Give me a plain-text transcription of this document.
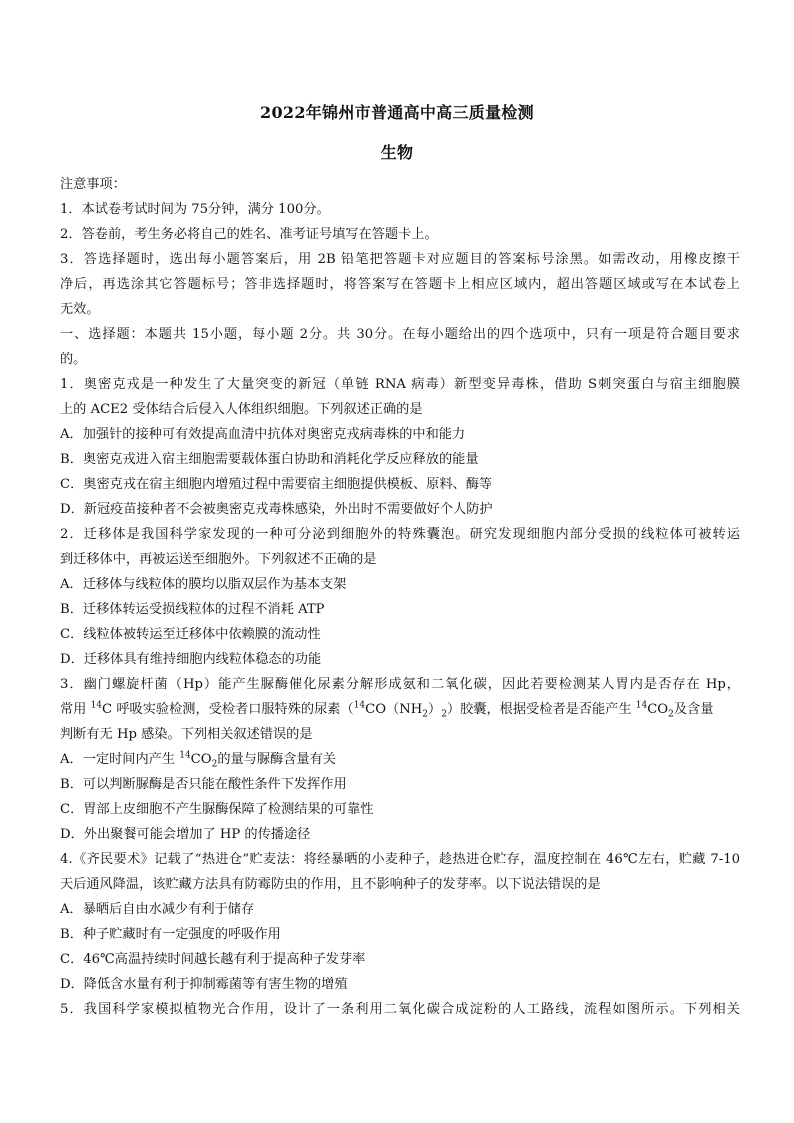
2022年锦州市普通高中高三质量检测
生物
注意事项：
1．本试卷考试时间为 75分钟，满分 100分。
2．答卷前，考生务必将自己的姓名、准考证号填写在答题卡上。
3．答选择题时，选出每小题答案后，用 2B 铅笔把答题卡对应题目的答案标号涂黑。如需改动，用橡皮擦干
净后，再选涂其它答题标号；答非选择题时，将答案写在答题卡上相应区域内，超出答题区域或写在本试卷上
无效。
一、选择题：本题共 15小题，每小题 2分。共 30分。在每小题给出的四个选项中，只有一项是符合题目要求
的。
1．奥密克戎是一种发生了大量突变的新冠（单链 RNA 病毒）新型变异毒株，借助 S刺突蛋白与宿主细胞膜
上的 ACE2 受体结合后侵入人体组织细胞。下列叙述正确的是
A．加强针的接种可有效提高血清中抗体对奥密克戎病毒株的中和能力
B．奥密克戎进入宿主细胞需要载体蛋白协助和消耗化学反应释放的能量
C．奥密克戎在宿主细胞内增殖过程中需要宿主细胞提供模板、原料、酶等
D．新冠疫苗接种者不会被奥密克戎毒株感染，外出时不需要做好个人防护
2．迁移体是我国科学家发现的一种可分泌到细胞外的特殊囊泡。研究发现细胞内部分受损的线粒体可被转运
到迁移体中，再被运送至细胞外。下列叙述不正确的是
A．迁移体与线粒体的膜均以脂双层作为基本支架
B．迁移体转运受损线粒体的过程不消耗 ATP
C．线粒体被转运至迁移体中依赖膜的流动性
D．迁移体具有维持细胞内线粒体稳态的功能
3．幽门螺旋杆菌（Hp）能产生脲酶催化尿素分解形成氨和二氧化碳，因此若要检测某人胃内是否存在 Hp，
常用 $^{14}$C 呼吸实验检测，受检者口服特殊的尿素$(^{14}CO(NH_2)_2)$胶囊，根据受检者是否能产生 $^{14}CO_2$及含量
判断有无 Hp 感染。下列相关叙述错误的是
A．一定时间内产生 $^{14}CO_2$的量与脲酶含量有关
B．可以判断脲酶是否只能在酸性条件下发挥作用
C．胃部上皮细胞不产生脲酶保障了检测结果的可靠性
D．外出聚餐可能会增加了 HP 的传播途径
4.《齐民要术》记载了“热进仓”贮麦法：将经暴晒的小麦种子，趁热进仓贮存，温度控制在 46℃左右，贮藏 7-10
天后通风降温，该贮藏方法具有防霉防虫的作用，且不影响种子的发芽率。以下说法错误的是
A．暴晒后自由水减少有利于储存
B．种子贮藏时有一定强度的呼吸作用
C．46℃高温持续时间越长越有利于提高种子发芽率
D．降低含水量有利于抑制霉菌等有害生物的增殖
5．我国科学家模拟植物光合作用，设计了一条利用二氧化碳合成淀粉的人工路线，流程如图所示。下列相关
